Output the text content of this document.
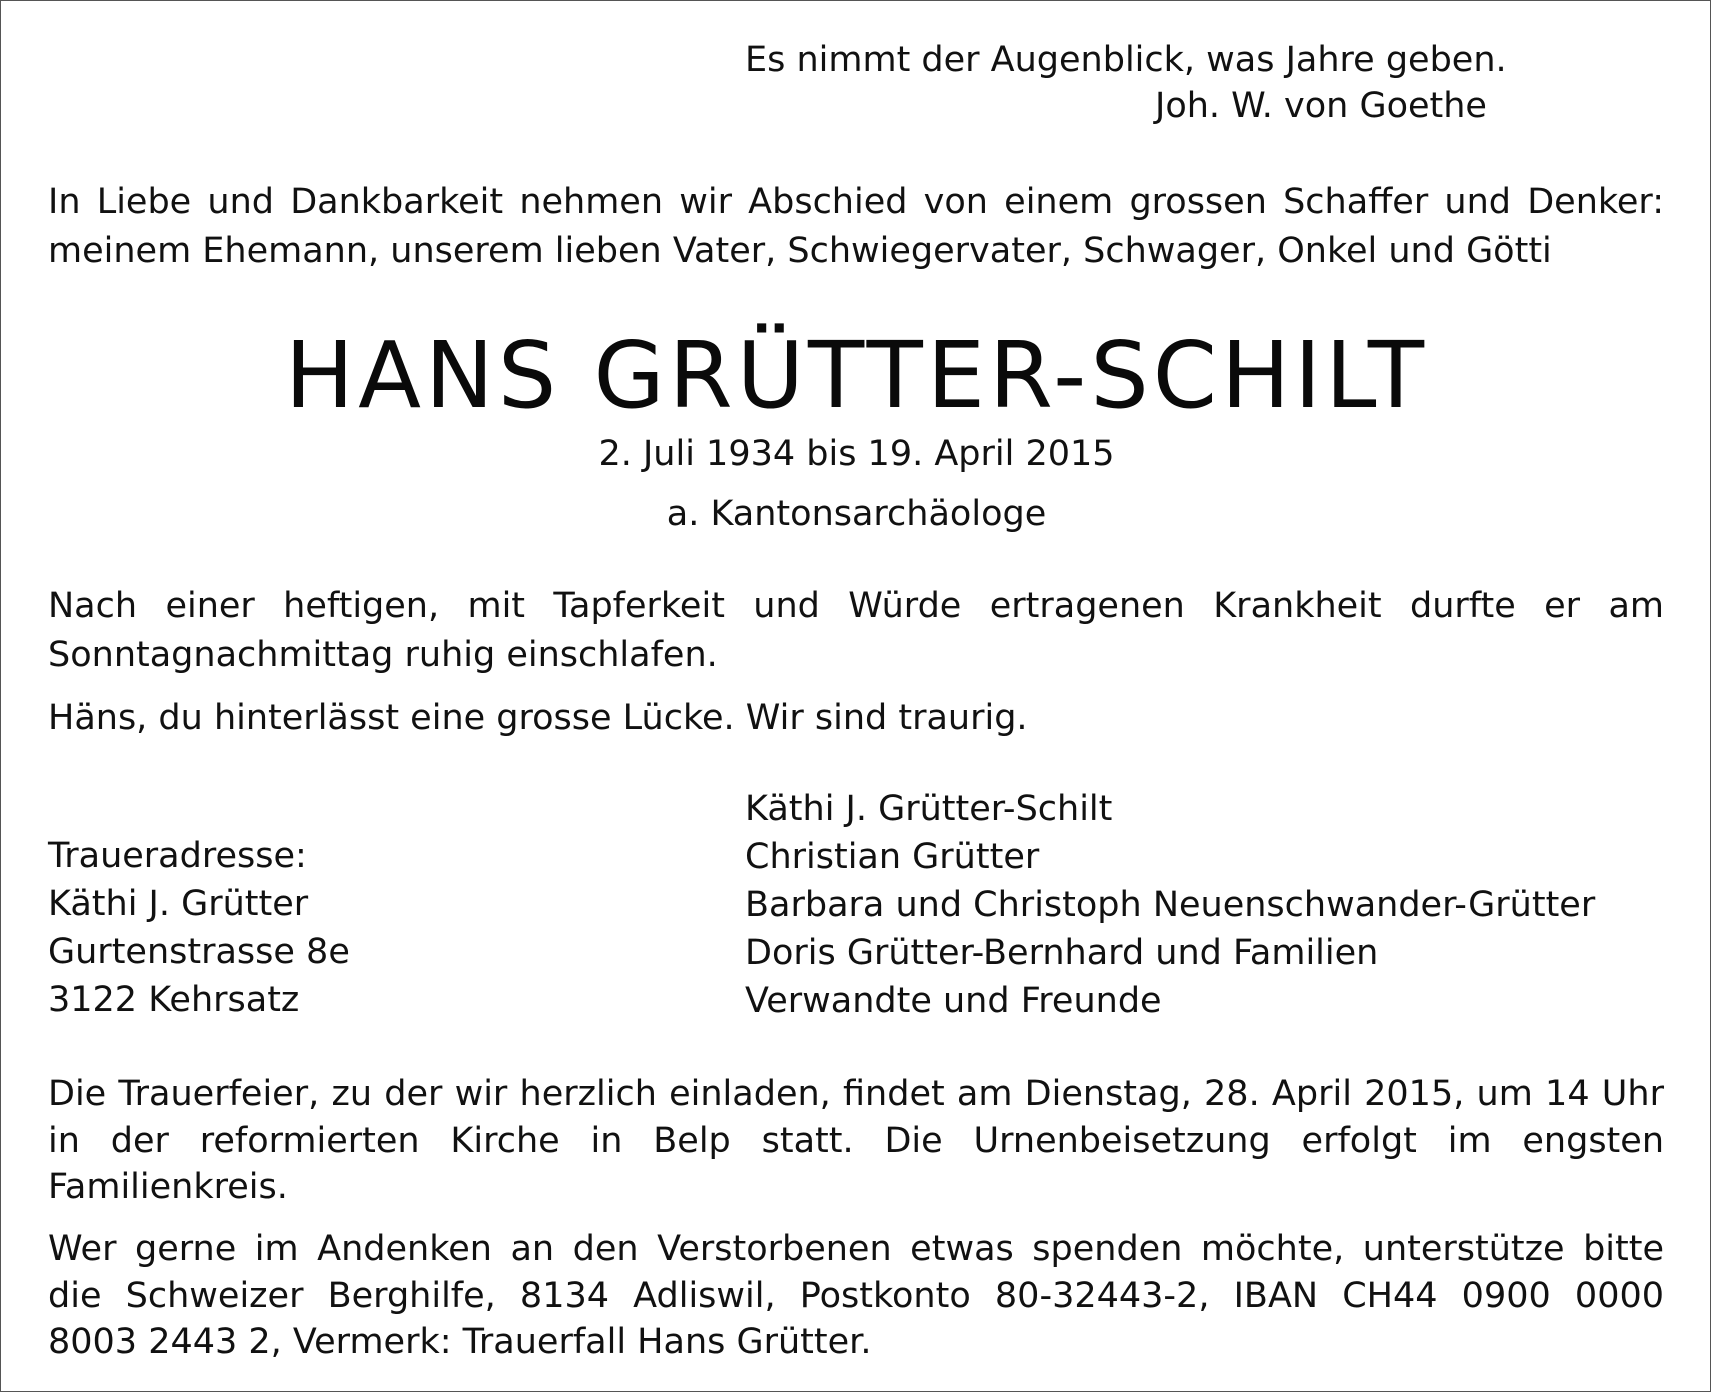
Es nimmt der Augenblick, was Jahre geben.
Joh. W. von Goethe
In Liebe und Dankbarkeit nehmen wir Abschied von einem grossen Schaffer und Denker:
meinem Ehemann, unserem lieben Vater, Schwiegervater, Schwager, Onkel und Götti
HANS GRÜTTER-SCHILT
2. Juli 1934 bis 19. April 2015
a. Kantonsarchäologe
Nach einer heftigen, mit Tapferkeit und Würde ertragenen Krankheit durfte er am
Sonntagnachmittag ruhig einschlafen.
Häns, du hinterlässt eine grosse Lücke. Wir sind traurig.
Traueradresse:
Käthi J. Grütter
Gurtenstrasse 8e
3122 Kehrsatz
Käthi J. Grütter-Schilt
Christian Grütter
Barbara und Christoph Neuenschwander-Grütter
Doris Grütter-Bernhard und Familien
Verwandte und Freunde
Die Trauerfeier, zu der wir herzlich einladen, findet am Dienstag, 28. April 2015, um 14 Uhr
in der reformierten Kirche in Belp statt. Die Urnenbeisetzung erfolgt im engsten
Familienkreis.
Wer gerne im Andenken an den Verstorbenen etwas spenden möchte, unterstütze bitte
die Schweizer Berghilfe, 8134 Adliswil, Postkonto 80-32443-2, IBAN CH44 0900 0000
8003 2443 2, Vermerk: Trauerfall Hans Grütter.
